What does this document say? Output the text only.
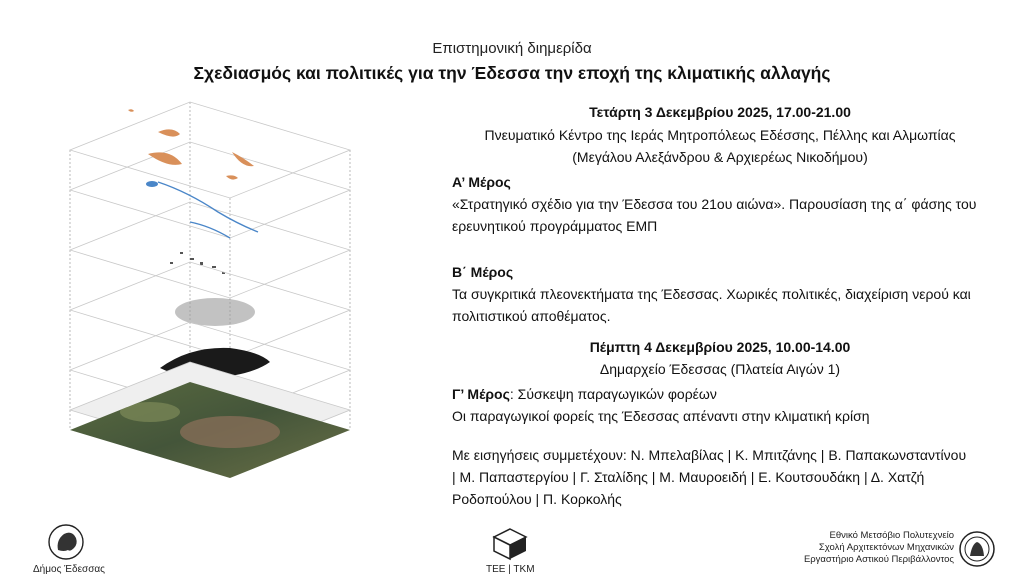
Επιστημονική διημερίδα
Σχεδιασμός και πολιτικές για την Έδεσσα την εποχή της κλιματικής αλλαγής
Τετάρτη 3 Δεκεμβρίου 2025, 17.00-21.00
Πνευματικό Κέντρο της Ιεράς Μητροπόλεως Εδέσσης, Πέλλης και Αλμωπίας
(Μεγάλου Αλεξάνδρου & Αρχιερέως Νικοδήμου)
Α’ Μέρος
«Στρατηγικό σχέδιο για την Έδεσσα του 21ου αιώνα». Παρουσίαση της α΄ φάσης του
ερευνητικού προγράμματος ΕΜΠ
Β΄ Μέρος
Τα συγκριτικά πλεονεκτήματα της Έδεσσας. Χωρικές πολιτικές, διαχείριση νερού και
πολιτιστικού αποθέματος.
Πέμπτη 4 Δεκεμβρίου 2025, 10.00-14.00
Δημαρχείο Έδεσσας (Πλατεία Αιγών 1)
Γ’ Μέρος: Σύσκεψη παραγωγικών φορέων
Οι παραγωγικοί φορείς της Έδεσσας απέναντι στην κλιματική κρίση
Με εισηγήσεις συμμετέχουν: Ν. Μπελαβίλας | Κ. Μπιτζάνης | Β. Παπακωνσταντίνου
| Μ. Παπαστεργίου | Γ. Σταλίδης | Μ. Μαυροειδή | Ε. Κουτσουδάκη | Δ. Χατζή
Ροδοπούλου | Π. Κορκολής
Δήμος Έδεσσας	ΤΕΕ | ΤΚΜ
Εθνικό Μετσόβιο Πολυτεχνείο
Σχολή Αρχιτεκτόνων Μηχανικών
Εργαστήριο Αστικού Περιβάλλοντος
